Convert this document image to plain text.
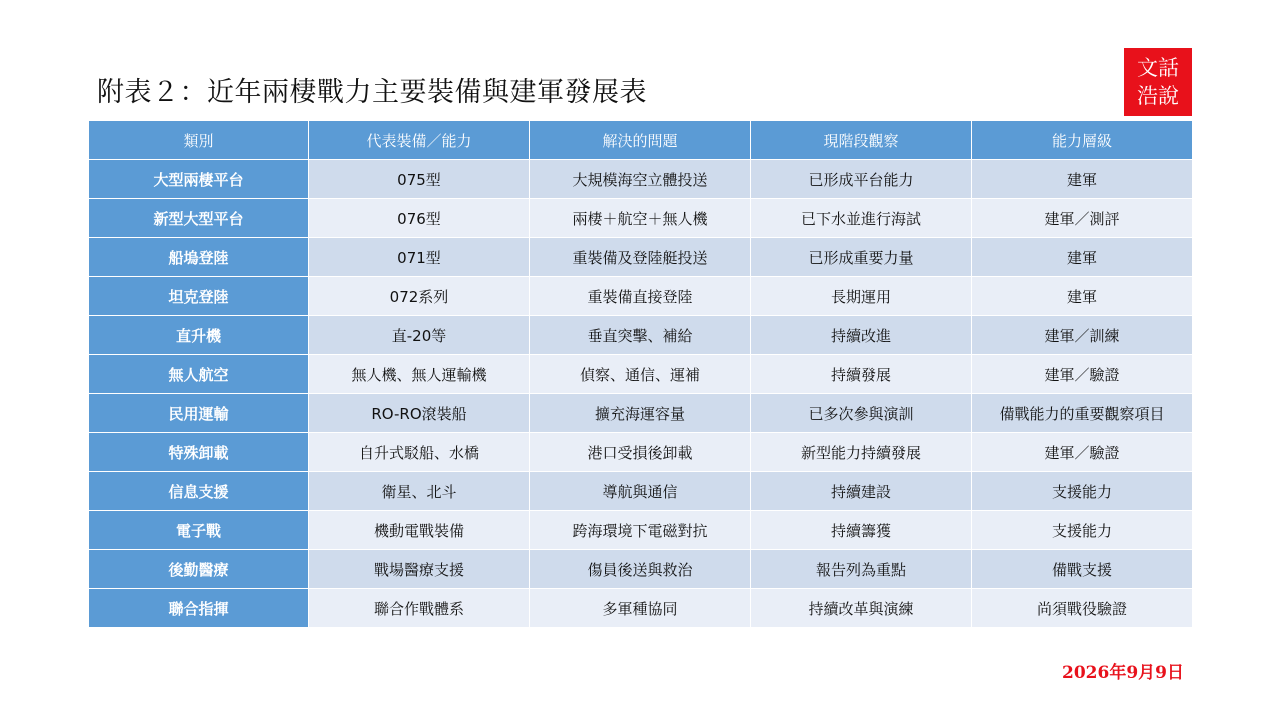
附表２：近年兩棲戰力主要裝備與建軍發展表
文話
浩說
類別	代表裝備／能力	解決的問題	現階段觀察	能力層級
大型兩棲平台	075型	大規模海空立體投送	已形成平台能力	建軍
新型大型平台	076型	兩棲＋航空＋無人機	已下水並進行海試	建軍／測評
船塢登陸	071型	重裝備及登陸艇投送	已形成重要力量	建軍
坦克登陸	072系列	重裝備直接登陸	長期運用	建軍
直升機	直-20等	垂直突擊、補給	持續改進	建軍／訓練
無人航空	無人機、無人運輸機	偵察、通信、運補	持續發展	建軍／驗證
民用運輸	RO-RO滾裝船	擴充海運容量	已多次參與演訓	備戰能力的重要觀察項目
特殊卸載	自升式駁船、水橋	港口受損後卸載	新型能力持續發展	建軍／驗證
信息支援	衛星、北斗	導航與通信	持續建設	支援能力
電子戰	機動電戰裝備	跨海環境下電磁對抗	持續籌獲	支援能力
後勤醫療	戰場醫療支援	傷員後送與救治	報告列為重點	備戰支援
聯合指揮	聯合作戰體系	多軍種協同	持續改革與演練	尚須戰役驗證
2026年9月9日
